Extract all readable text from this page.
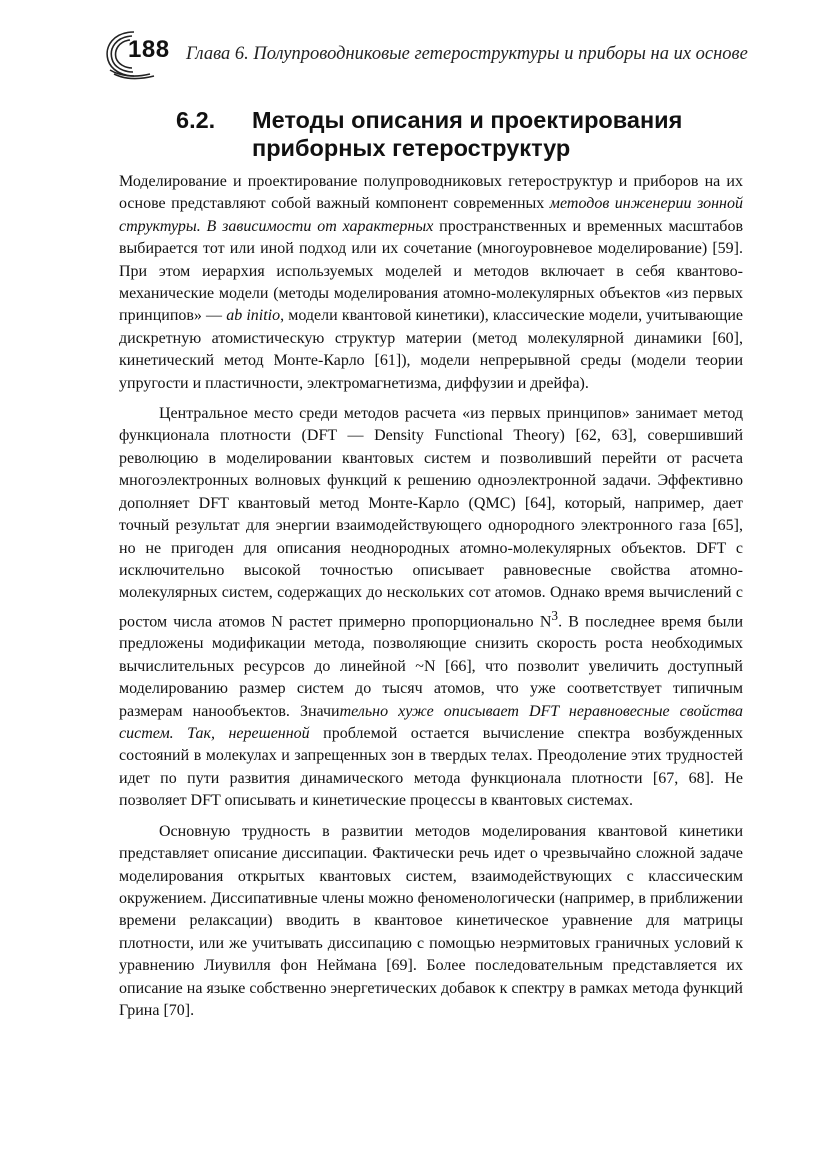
188 Глава 6. Полупроводниковые гетероструктуры и приборы на их основе
6.2. Методы описания и проектирования
приборных гетероструктур

Моделирование и проектирование полупроводниковых гетероструктур и приборов на их основе представляют собой важный компонент современных методов инженерии зонной структуры. В зависимости от характерных пространственных и временных масштабов выбирается тот или иной подход или их сочетание (многоуровневое моделирование) [59]. При этом иерархия используемых моделей и методов включает в себя квантово-механические модели (методы моделирования атомно-молекулярных объектов «из первых принципов» — ab initio, модели квантовой кинетики), классические модели, учитывающие дискретную атомистическую структур материи (метод молекулярной динамики [60], кинетический метод Монте-Карло [61]), модели непрерывной среды (модели теории упругости и пластичности, электромагнетизма, диффузии и дрейфа).

Центральное место среди методов расчета «из первых принципов» занимает метод функционала плотности (DFT — Density Functional Theory) [62, 63], совершивший революцию в моделировании квантовых систем и позволивший перейти от расчета многоэлектронных волновых функций к решению одноэлектронной задачи. Эффективно дополняет DFT квантовый метод Монте-Карло (QMC) [64], который, например, дает точный результат для энергии взаимодействующего однородного электронного газа [65], но не пригоден для описания неоднородных атомно-молекулярных объектов. DFT с исключительно высокой точностью описывает равновесные свойства атомно-молекулярных систем, содержащих до нескольких сот атомов. Однако время вычислений с ростом числа атомов N растет примерно пропорционально $N^3$. В последнее время были предложены модификации метода, позволяющие снизить скорость роста необходимых вычислительных ресурсов до линейной ~N [66], что позволит увеличить доступный моделированию размер систем до тысяч атомов, что уже соответствует типичным размерам нанообъектов. Значительно хуже описывает DFT неравновесные свойства систем. Так, нерешенной проблемой остается вычисление спектра возбужденных состояний в молекулах и запрещенных зон в твердых телах. Преодоление этих трудностей идет по пути развития динамического метода функционала плотности [67, 68]. Не позволяет DFT описывать и кинетические процессы в квантовых системах.

Основную трудность в развитии методов моделирования квантовой кинетики представляет описание диссипации. Фактически речь идет о чрезвычайно сложной задаче моделирования открытых квантовых систем, взаимодействующих с классическим окружением. Диссипативные члены можно феноменологически (например, в приближении времени релаксации) вводить в квантовое кинетическое уравнение для матрицы плотности, или же учитывать диссипацию с помощью неэрмитовых граничных условий к уравнению Лиувилля фон Неймана [69]. Более последовательным представляется их описание на языке собственно энергетических добавок к спектру в рамках метода функций Грина [70].
